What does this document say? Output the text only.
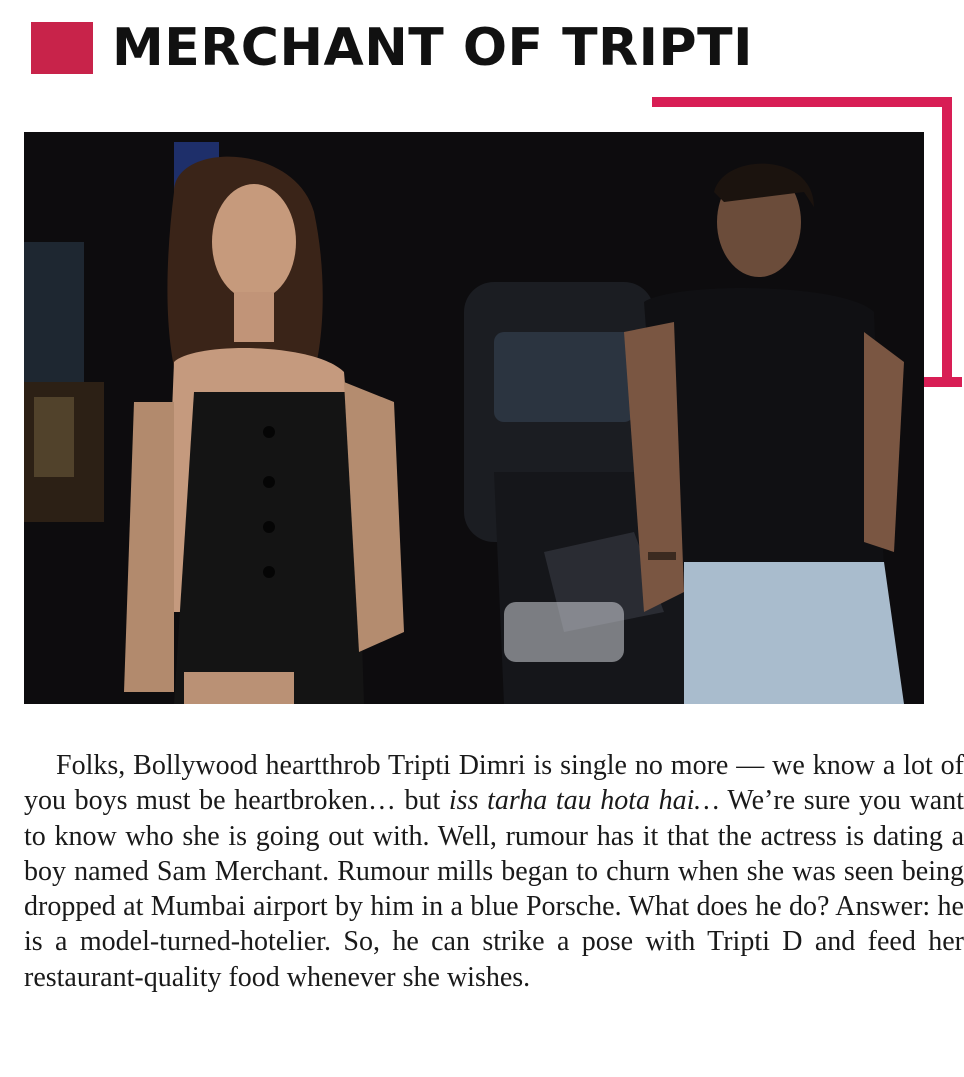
MERCHANT OF TRIPTI

Folks, Bollywood heartthrob Tripti Dimri is single no more — we know a lot of you boys must be heartbroken… but iss tarha tau hota hai… We’re sure you want to know who she is going out with. Well, rumour has it that the actress is dating a boy named Sam Merchant. Rumour mills began to churn when she was seen being dropped at Mumbai airport by him in a blue Porsche. What does he do? Answer: he is a model-turned-hotelier. So, he can strike a pose with Tripti D and feed her restaurant-quality food whenever she wishes.
